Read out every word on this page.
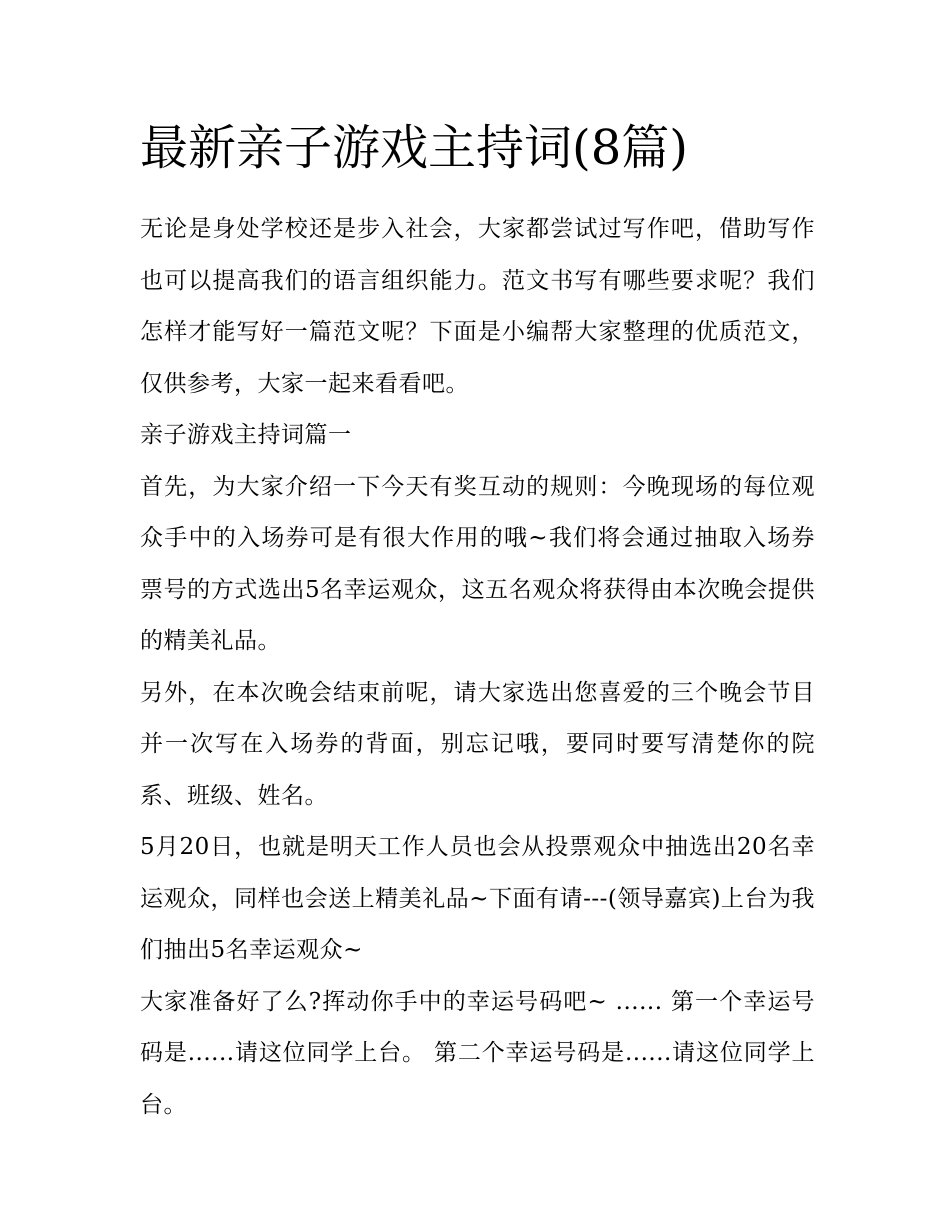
最新亲子游戏主持词(8篇)

无论是身处学校还是步入社会，大家都尝试过写作吧，借助写作也可以提高我们的语言组织能力。范文书写有哪些要求呢？我们怎样才能写好一篇范文呢？下面是小编帮大家整理的优质范文，仅供参考，大家一起来看看吧。

亲子游戏主持词篇一

首先，为大家介绍一下今天有奖互动的规则：今晚现场的每位观众手中的入场券可是有很大作用的哦~我们将会通过抽取入场券票号的方式选出5名幸运观众，这五名观众将获得由本次晚会提供的精美礼品。

另外，在本次晚会结束前呢，请大家选出您喜爱的三个晚会节目并一次写在入场券的背面，别忘记哦，要同时要写清楚你的院系、班级、姓名。

5月20日，也就是明天工作人员也会从投票观众中抽选出20名幸运观众，同样也会送上精美礼品~下面有请---(领导嘉宾)上台为我们抽出5名幸运观众~

大家准备好了么?挥动你手中的幸运号码吧~ ...... 第一个幸运号码是......请这位同学上台。 第二个幸运号码是......请这位同学上台。
